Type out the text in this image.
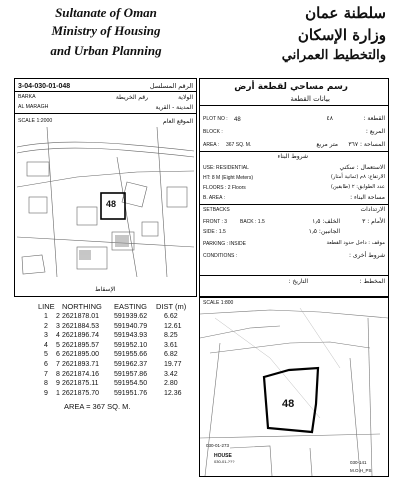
Sultanate of Oman
Ministry of Housing
and Urban Planning
سلطنة عمان
وزارة الإسكان
والتخطيط العمراني
3-04-030-01-048	الرقم المسلسل
BARKA	رقم الخريطة	الولاية
AL MARAGH	المدينة - القرية
SCALE 1:2000	الموقع العام
48
الإسقاط
رسم مساحي لقطعة أرض
بيانات القطعة
PLOT NO : 48	٤٨	القطعة :
BLOCK :	المربع :
AREA : 367 SQ. M.	متر مربع المساحة : ٣٦٧
شروط البناء
USE: RESIDENTIAL	الاستعمال : سكني
HT: 8 M (Eight Meters)	الارتفاع: ٨م (ثمانية أمتار)
FLOORS : 2 Floors	عدد الطوابق: ٢ (طابقين)
B. AREA :	مساحة البناء :
SETBACKS	الارتدادات
FRONT : 3	BACK : 1.5	الخلف: ١٫٥	الأمام : ٣
SIDE : 1.5	الجانبين: ١٫٥
PARKING : INSIDE	موقف : داخل حدود القطعة
CONDITIONS :	شروط أخرى :
المخطط :
التاريخ :
LINE NORTHING EASTING DIST (m)
1 2 2621878.01 591939.62 6.62
2 3 2621884.53 591940.79 12.61
3 4 2621896.74 591943.93 8.25
4 5 2621895.57 591952.10 3.61
5 6 2621895.00 591955.66 6.82
6 7 2621893.71 591962.37 19.77
7 8 2621874.16 591957.86 3.42
8 9 2621875.11 591954.50 2.80
9 1 2621875.70 591951.76 12.36
AREA = 367 SQ. M.
SCALE 1:800
48
030-01-273
HOUSE
030-01-???	030-141
M.O.H_PS
